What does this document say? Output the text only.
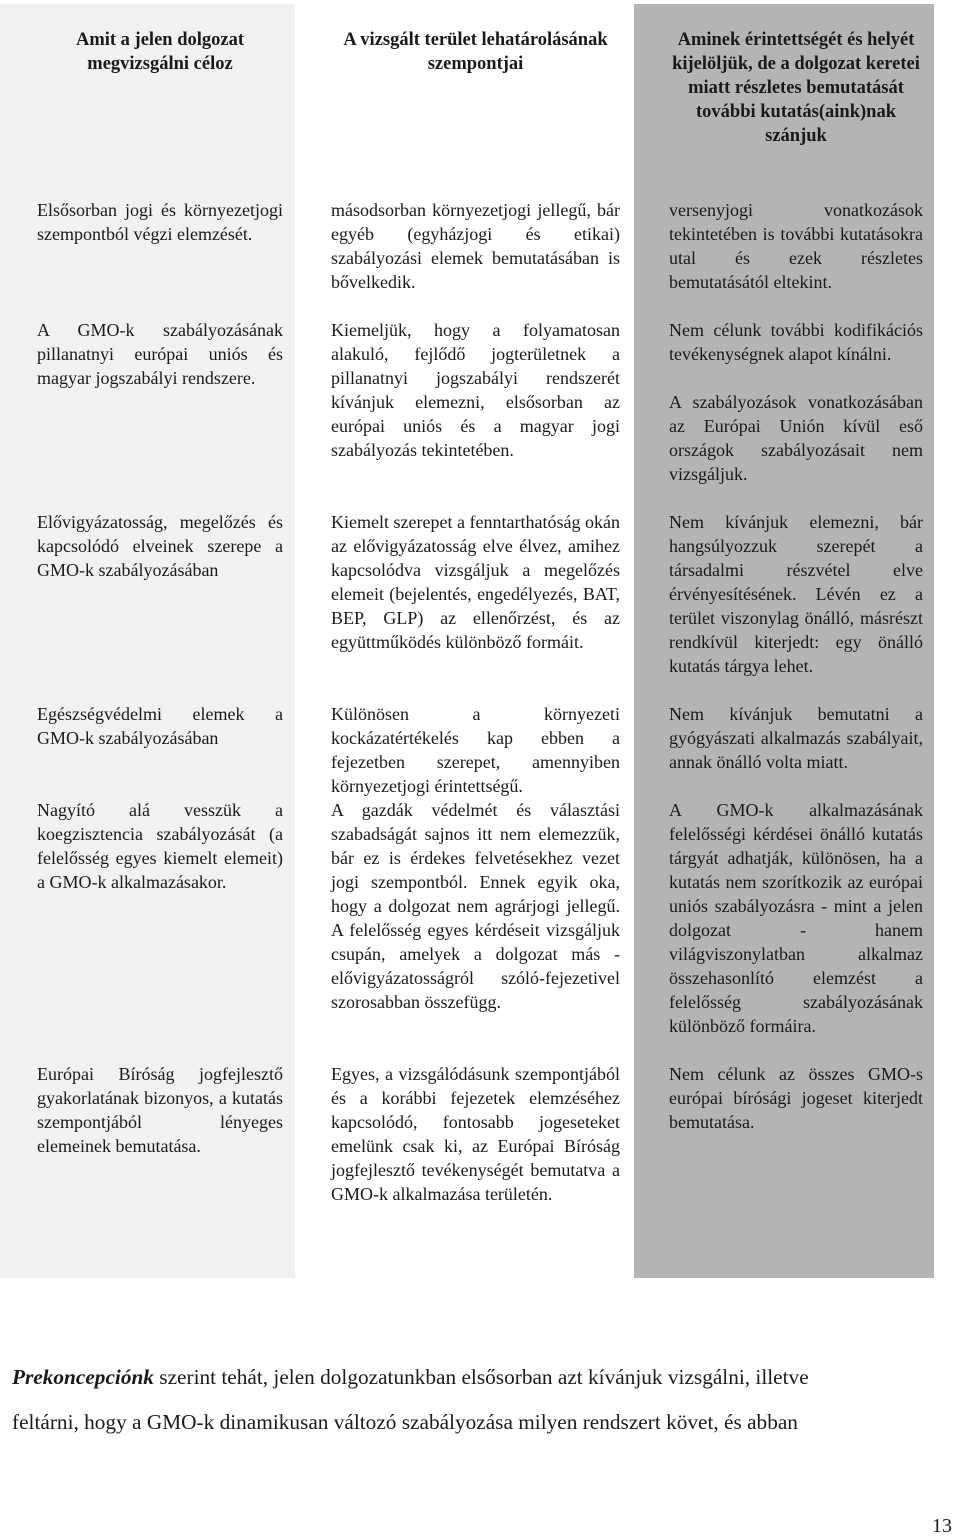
Amit a jelen dolgozat megvizsgálni céloz
Elsősorban jogi és környezetjogi szempontból végzi elemzését.
A GMO-k szabályozásának pillanatnyi európai uniós és magyar jogszabályi rendszere.
Elővigyázatosság, megelőzés és kapcsolódó elveinek szerepe a GMO-k szabályozásában
Egészségvédelmi elemek a GMO-k szabályozásában
Nagyító alá vesszük a koegzisztencia szabályozását (a felelősség egyes kiemelt elemeit) a GMO-k alkalmazásakor.
Európai Bíróság jogfejlesztő gyakorlatának bizonyos, a kutatás szempontjából lényeges elemeinek bemutatása.
A vizsgált terület lehatárolásának szempontjai
másodsorban környezetjogi jellegű, bár egyéb (egyházjogi és etikai) szabályozási elemek bemutatásában is bővelkedik.
Kiemeljük, hogy a folyamatosan alakuló, fejlődő jogterületnek a pillanatnyi jogszabályi rendszerét kívánjuk elemezni, elsősorban az európai uniós és a magyar jogi szabályozás tekintetében.
Kiemelt szerepet a fenntarthatóság okán az elővigyázatosság elve élvez, amihez kapcsolódva vizsgáljuk a megelőzés elemeit (bejelentés, engedélyezés, BAT, BEP, GLP) az ellenőrzést, és az együttműködés különböző formáit.
Különösen a környezeti kockázatértékelés kap ebben a fejezetben szerepet, amennyiben környezetjogi érintettségű.
A gazdák védelmét és választási szabadságát sajnos itt nem elemezzük, bár ez is érdekes felvetésekhez vezet jogi szempontból. Ennek egyik oka, hogy a dolgozat nem agrárjogi jellegű. A felelősség egyes kérdéseit vizsgáljuk csupán, amelyek a dolgozat más - elővigyázatosságról szóló-fejezetivel szorosabban összefügg.
Egyes, a vizsgálódásunk szempontjából és a korábbi fejezetek elemzéséhez kapcsolódó, fontosabb jogeseteket emelünk csak ki, az Európai Bíróság jogfejlesztő tevékenységét bemutatva a GMO-k alkalmazása területén.
Aminek érintettségét és helyét kijelöljük, de a dolgozat keretei miatt részletes bemutatását további kutatás(aink)nak szánjuk
versenyjogi vonatkozások tekintetében is további kutatásokra utal és ezek részletes bemutatásától eltekint.
Nem célunk további kodifikációs tevékenységnek alapot kínálni.
A szabályozások vonatkozásában az Európai Unión kívül eső országok szabályozásait nem vizsgáljuk.
Nem kívánjuk elemezni, bár hangsúlyozzuk szerepét a társadalmi részvétel elve érvényesítésének. Lévén ez a terület viszonylag önálló, másrészt rendkívül kiterjedt: egy önálló kutatás tárgya lehet.
Nem kívánjuk bemutatni a gyógyászati alkalmazás szabályait, annak önálló volta miatt.
A GMO-k alkalmazásának felelősségi kérdései önálló kutatás tárgyát adhatják, különösen, ha a kutatás nem szorítkozik az európai uniós szabályozásra - mint a jelen dolgozat - hanem világviszonylatban alkalmaz összehasonlító elemzést a felelősség szabályozásának különböző formáira.
Nem célunk az összes GMO-s európai bírósági jogeset kiterjedt bemutatása.
Prekoncepciónk szerint tehát, jelen dolgozatunkban elsősorban azt kívánjuk vizsgálni, illetve
feltárni, hogy a GMO-k dinamikusan változó szabályozása milyen rendszert követ, és abban
13
